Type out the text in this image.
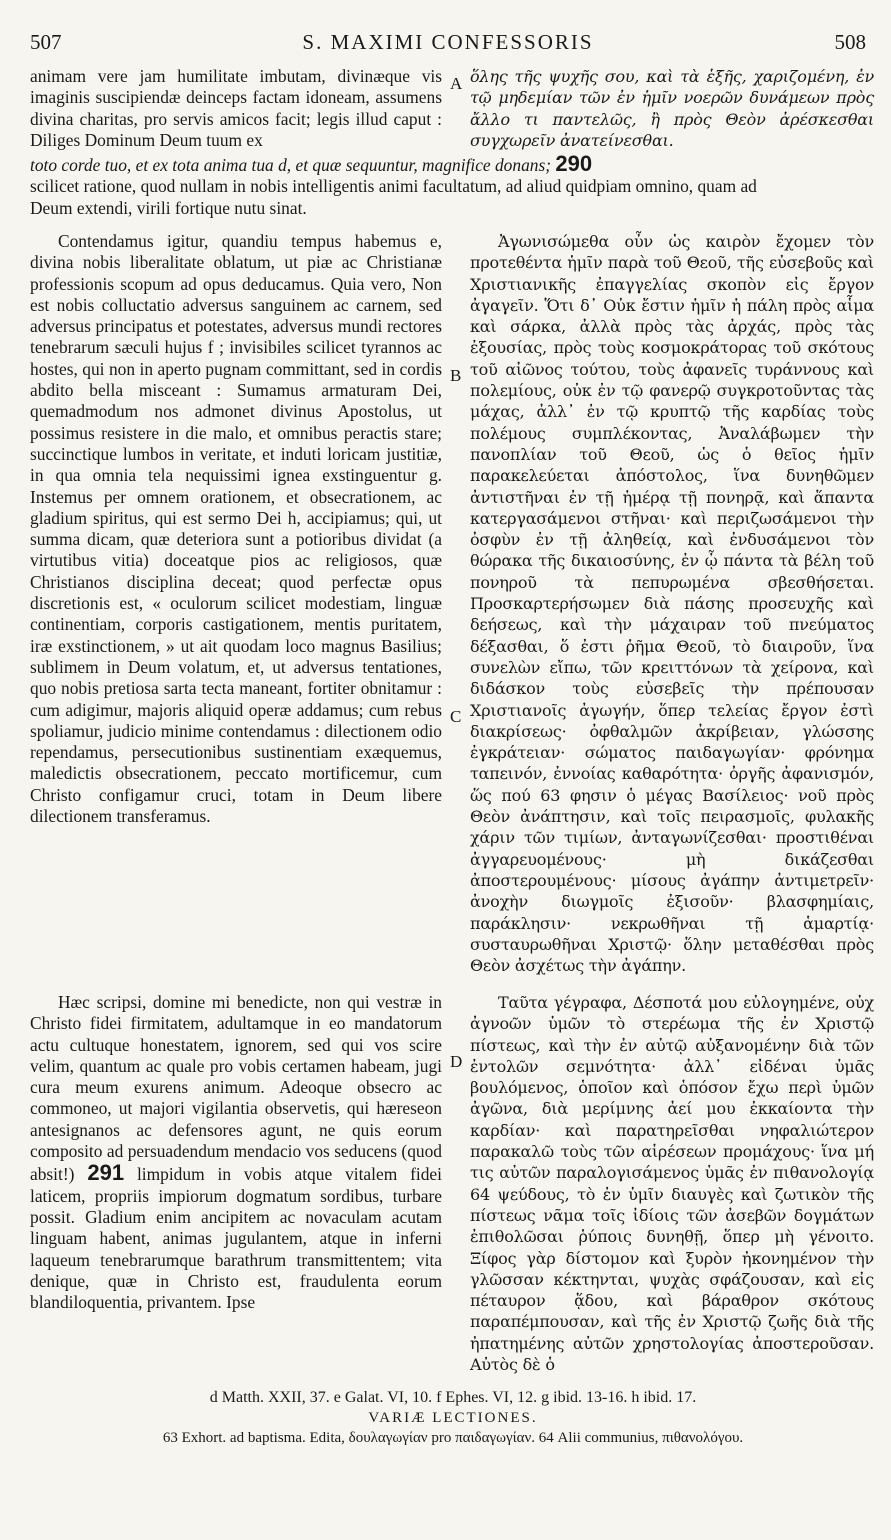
507	S. MAXIMI CONFESSORIS	508
A
B
C
D

animam vere jam humilitate imbutam, divinæque vis imaginis suscipiendæ deinceps factam idoneam, assumens divina charitas, pro servis amicos facit; legis illud caput : Diliges Dominum Deum tuum ex

ὅλης τῆς ψυχῆς σου, καὶ τὰ ἑξῆς, χαριζομένη, ἐν τῷ μηδεμίαν τῶν ἐν ἡμῖν νοερῶν δυνάμεων πρὸς ἄλλο τι παντελῶς, ἢ πρὸς Θεὸν ἀρέσκεσθαι συγχωρεῖν ἀνατείνεσθαι.

toto corde tuo, et ex tota anima tua d, et quæ sequuntur, magnifice donans; 290
scilicet ratione, quod nullam in nobis intelligentis animi facultatum, ad aliud quidpiam omnino, quam ad
Deum extendi, virili fortique nutu sinat.

Contendamus igitur, quandiu tempus habemus e, divina nobis liberalitate oblatum, ut piæ ac Christianæ professionis scopum ad opus deducamus. Quia vero, Non est nobis colluctatio adversus sanguinem ac carnem, sed adversus principatus et potestates, adversus mundi rectores tenebrarum sæculi hujus f ; invisibiles scilicet tyrannos ac hostes, qui non in aperto pugnam committant, sed in cordis abdito bella misceant : Sumamus armaturam Dei, quemadmodum nos admonet divinus Apostolus, ut possimus resistere in die malo, et omnibus peractis stare; succinctique lumbos in veritate, et induti loricam justitiæ, in qua omnia tela nequissimi ignea exstinguentur g. Instemus per omnem orationem, et obsecrationem, ac gladium spiritus, qui est sermo Dei h, accipiamus; qui, ut summa dicam, quæ deteriora sunt a potioribus dividat (a virtutibus vitia) doceatque pios ac religiosos, quæ Christianos disciplina deceat; quod perfectæ opus discretionis est, « oculorum scilicet modestiam, linguæ continentiam, corporis castigationem, mentis puritatem, iræ exstinctionem, » ut ait quodam loco magnus Basilius; sublimem in Deum volatum, et, ut adversus tentationes, quo nobis pretiosa sarta tecta maneant, fortiter obnitamur : cum adigimur, majoris aliquid operæ addamus; cum rebus spoliamur, judicio minime contendamus : dilectionem odio rependamus, persecutionibus sustinentiam exæquemus, maledictis obsecrationem, peccato mortificemur, cum Christo configamur cruci, totam in Deum libere dilectionem transferamus.

Ἀγωνισώμεθα οὖν ὡς καιρὸν ἔχομεν τὸν προτεθέντα ἡμῖν παρὰ τοῦ Θεοῦ, τῆς εὐσεβοῦς καὶ Χριστιανικῆς ἐπαγγελίας σκοπὸν εἰς ἔργον ἀγαγεῖν. Ὅτι δ᾽ Οὐκ ἔστιν ἡμῖν ἡ πάλη πρὸς αἷμα καὶ σάρκα, ἀλλὰ πρὸς τὰς ἀρχάς, πρὸς τὰς ἐξουσίας, πρὸς τοὺς κοσμοκράτορας τοῦ σκότους τοῦ αἰῶνος τούτου, τοὺς ἀφανεῖς τυράννους καὶ πολεμίους, οὐκ ἐν τῷ φανερῷ συγκροτοῦντας τὰς μάχας, ἀλλ᾽ ἐν τῷ κρυπτῷ τῆς καρδίας τοὺς πολέμους συμπλέκοντας, Ἀναλάβωμεν τὴν πανοπλίαν τοῦ Θεοῦ, ὡς ὁ θεῖος ἡμῖν παρακελεύεται ἀπόστολος, ἵνα δυνηθῶμεν ἀντιστῆναι ἐν τῇ ἡμέρᾳ τῇ πονηρᾷ, καὶ ἅπαντα κατεργασάμενοι στῆναι· καὶ περιζωσάμενοι τὴν ὀσφὺν ἐν τῇ ἀληθείᾳ, καὶ ἐνδυσάμενοι τὸν θώρακα τῆς δικαιοσύνης, ἐν ᾧ πάντα τὰ βέλη τοῦ πονηροῦ τὰ πεπυρωμένα σβεσθήσεται. Προσκαρτερήσωμεν διὰ πάσης προσευχῆς καὶ δεήσεως, καὶ τὴν μάχαιραν τοῦ πνεύματος δέξασθαι, ὅ ἐστι ῥῆμα Θεοῦ, τὸ διαιροῦν, ἵνα συνελὼν εἴπω, τῶν κρειττόνων τὰ χείρονα, καὶ διδάσκον τοὺς εὐσεβεῖς τὴν πρέπουσαν Χριστιανοῖς ἀγωγήν, ὅπερ τελείας ἔργον ἐστὶ διακρίσεως· ὀφθαλμῶν ἀκρίβειαν, γλώσσης ἐγκράτειαν· σώματος παιδαγωγίαν· φρόνημα ταπεινόν, ἐννοίας καθαρότητα· ὀργῆς ἀφανισμόν, ὥς πού 63 φησιν ὁ μέγας Βασίλειος· νοῦ πρὸς Θεὸν ἀνάπτησιν, καὶ τοῖς πειρασμοῖς, φυλακῆς χάριν τῶν τιμίων, ἀνταγωνίζεσθαι· προστιθέναι ἀγγαρευομένους· μὴ δικάζεσθαι ἀποστερουμένους· μίσους ἀγάπην ἀντιμετρεῖν· ἀνοχὴν διωγμοῖς ἐξισοῦν· βλασφημίαις, παράκλησιν· νεκρωθῆναι τῇ ἁμαρτίᾳ· συσταυρωθῆναι Χριστῷ· ὅλην μεταθέσθαι πρὸς Θεὸν ἀσχέτως τὴν ἀγάπην.

Hæc scripsi, domine mi benedicte, non qui vestræ in Christo fidei firmitatem, adultamque in eo mandatorum actu cultuque honestatem, ignorem, sed qui vos scire velim, quantum ac quale pro vobis certamen habeam, jugi cura meum exurens animum. Adeoque obsecro ac commoneo, ut majori vigilantia observetis, qui hæreseon antesignanos ac defensores agunt, ne quis eorum composito ad persuadendum mendacio vos seducens (quod absit!) 291 limpidum in vobis atque vitalem fidei laticem, propriis impiorum dogmatum sordibus, turbare possit. Gladium enim ancipitem ac novaculam acutam linguam habent, animas jugulantem, atque in inferni laqueum tenebrarumque barathrum transmittentem; vita denique, quæ in Christo est, fraudulenta eorum blandiloquentia, privantem. Ipse

Ταῦτα γέγραφα, Δέσποτά μου εὐλογημένε, οὐχ ἀγνοῶν ὑμῶν τὸ στερέωμα τῆς ἐν Χριστῷ πίστεως, καὶ τὴν ἐν αὐτῷ αὐξανομένην διὰ τῶν ἐντολῶν σεμνότητα· ἀλλ᾽ εἰδέναι ὑμᾶς βουλόμενος, ὁποῖον καὶ ὁπόσον ἔχω περὶ ὑμῶν ἀγῶνα, διὰ μερίμνης ἀεί μου ἐκκαίοντα τὴν καρδίαν· καὶ παρατηρεῖσθαι νηφαλιώτερον παρακαλῶ τοὺς τῶν αἱρέσεων προμάχους· ἵνα μή τις αὐτῶν παραλογισάμενος ὑμᾶς ἐν πιθανολογίᾳ 64 ψεύδους, τὸ ἐν ὑμῖν διαυγὲς καὶ ζωτικὸν τῆς πίστεως νᾶμα τοῖς ἰδίοις τῶν ἀσεβῶν δογμάτων ἐπιθολῶσαι ῥύποις δυνηθῇ, ὅπερ μὴ γένοιτο. Ξίφος γὰρ δίστομον καὶ ξυρὸν ἠκονημένον τὴν γλῶσσαν κέκτηνται, ψυχὰς σφάζουσαν, καὶ εἰς πέταυρον ᾅδου, καὶ βάραθρον σκότους παραπέμπουσαν, καὶ τῆς ἐν Χριστῷ ζωῆς διὰ τῆς ἠπατημένης αὐτῶν χρηστολογίας ἀποστεροῦσαν. Αὐτὸς δὲ ὁ

d Matth. XXII, 37. e Galat. VI, 10. f Ephes. VI, 12. g ibid. 13-16. h ibid. 17.
VARIÆ LECTIONES.
63 Exhort. ad baptisma. Edita, δουλαγωγίαν pro παιδαγωγίαν. 64 Alii communius, πιθανολόγου.
